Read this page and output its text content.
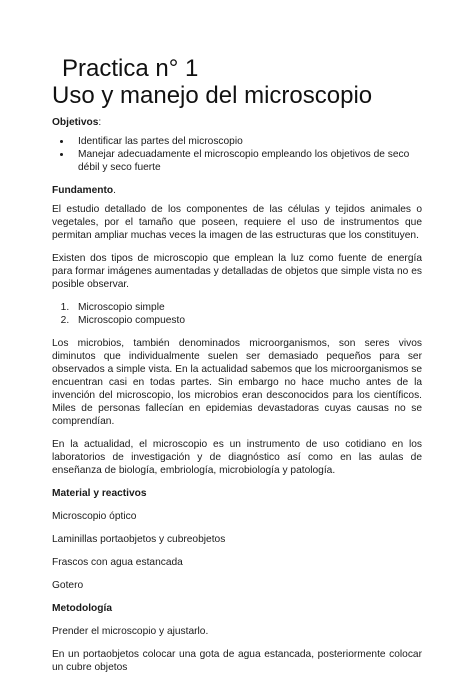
Practica n° 1
Uso y manejo del microscopio
Objetivos:
• Identificar las partes del microscopio
• Manejar adecuadamente el microscopio empleando los objetivos de seco débil y seco fuerte
Fundamento.

El estudio detallado de los componentes de las células y tejidos animales o vegetales, por el tamaño que poseen, requiere el uso de instrumentos que permitan ampliar muchas veces la imagen de las estructuras que los constituyen.

Existen dos tipos de microscopio que emplean la luz como fuente de energía para formar imágenes aumentadas y detalladas de objetos que simple vista no es posible observar.

1. Microscopio simple
2. Microscopio compuesto

Los microbios, también denominados microorganismos, son seres vivos diminutos que individualmente suelen ser demasiado pequeños para ser observados a simple vista. En la actualidad sabemos que los microorganismos se encuentran casi en todas partes. Sin embargo no hace mucho antes de la invención del microscopio, los microbios eran desconocidos para los científicos. Miles de personas fallecían en epidemias devastadoras cuyas causas no se comprendían.

En la actualidad, el microscopio es un instrumento de uso cotidiano en los laboratorios de investigación y de diagnóstico así como en las aulas de enseñanza de biología, embriología, microbiología y patología.

Material y reactivos

Microscopio óptico

Laminillas portaobjetos y cubreobjetos

Frascos con agua estancada

Gotero

Metodología

Prender el microscopio y ajustarlo.

En un portaobjetos colocar una gota de agua estancada, posteriormente colocar un cubre objetos
